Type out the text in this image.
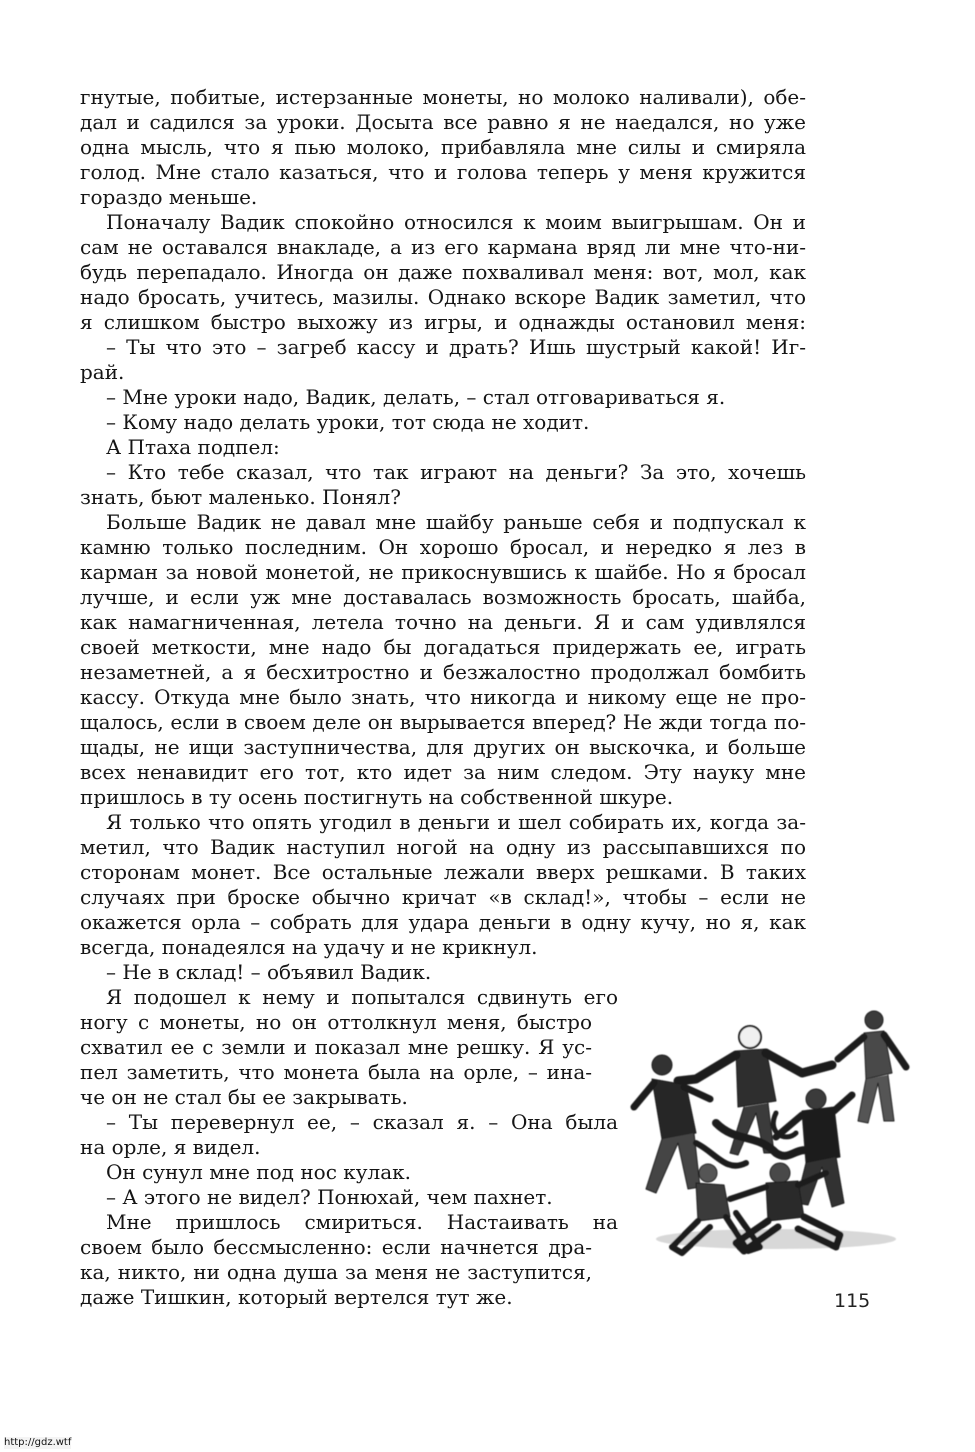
гнутые, побитые, истерзанные монеты, но молоко наливали), обе-
дал и садился за уроки. Досыта все равно я не наедался, но уже
одна мысль, что я пью молоко, прибавляла мне силы и смиряла
голод. Мне стало казаться, что и голова теперь у меня кружится
гораздо меньше.
Поначалу Вадик спокойно относился к моим выигрышам. Он и
сам не оставался внакладе, а из его кармана вряд ли мне что-ни-
будь перепадало. Иногда он даже похваливал меня: вот, мол, как
надо бросать, учитесь, мазилы. Однако вскоре Вадик заметил, что
я слишком быстро выхожу из игры, и однажды остановил меня:
– Ты что это – загреб кассу и драть? Ишь шустрый какой! Иг-
рай.
– Мне уроки надо, Вадик, делать, – стал отговариваться я.
– Кому надо делать уроки, тот сюда не ходит.
А Птаха подпел:
– Кто тебе сказал, что так играют на деньги? За это, хочешь
знать, бьют маленько. Понял?
Больше Вадик не давал мне шайбу раньше себя и подпускал к
камню только последним. Он хорошо бросал, и нередко я лез в
карман за новой монетой, не прикоснувшись к шайбе. Но я бросал
лучше, и если уж мне доставалась возможность бросать, шайба,
как намагниченная, летела точно на деньги. Я и сам удивлялся
своей меткости, мне надо бы догадаться придержать ее, играть
незаметней, а я бесхитростно и безжалостно продолжал бомбить
кассу. Откуда мне было знать, что никогда и никому еще не про-
щалось, если в своем деле он вырывается вперед? Не жди тогда по-
щады, не ищи заступничества, для других он выскочка, и больше
всех ненавидит его тот, кто идет за ним следом. Эту науку мне
пришлось в ту осень постигнуть на собственной шкуре.
Я только что опять угодил в деньги и шел собирать их, когда за-
метил, что Вадик наступил ногой на одну из рассыпавшихся по
сторонам монет. Все остальные лежали вверх решками. В таких
случаях при броске обычно кричат «в склад!», чтобы – если не
окажется орла – собрать для удара деньги в одну кучу, но я, как
всегда, понадеялся на удачу и не крикнул.
– Не в склад! – объявил Вадик.
Я подошел к нему и попытался сдвинуть его
ногу с монеты, но он оттолкнул меня, быстро
схватил ее с земли и показал мне решку. Я ус-
пел заметить, что монета была на орле, – ина-
че он не стал бы ее закрывать.
– Ты перевернул ее, – сказал я. – Она была
на орле, я видел.
Он сунул мне под нос кулак.
– А этого не видел? Понюхай, чем пахнет.
Мне пришлось смириться. Настаивать на
своем было бессмысленно: если начнется дра-
ка, никто, ни одна душа за меня не заступится,
даже Тишкин, который вертелся тут же.	115
http://gdz.wtf
